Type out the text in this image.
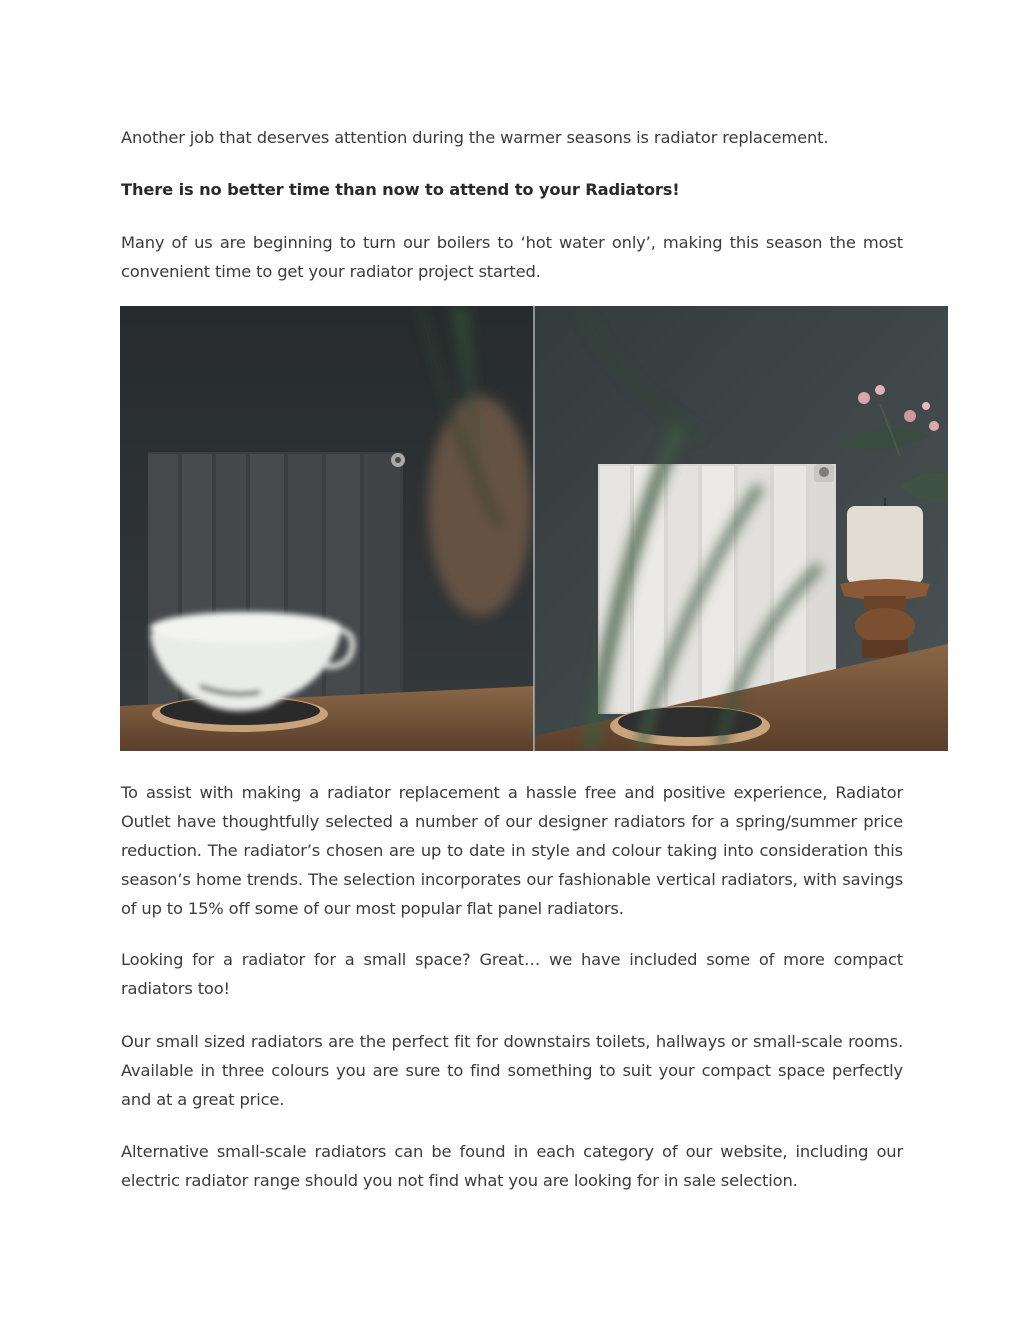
Another job that deserves attention during the warmer seasons is radiator replacement.

There is no better time than now to attend to your Radiators!

Many of us are beginning to turn our boilers to ‘hot water only’, making this season the most convenient time to get your radiator project started.

To assist with making a radiator replacement a hassle free and positive experience, Radiator Outlet have thoughtfully selected a number of our designer radiators for a spring/summer price reduction. The radiator’s chosen are up to date in style and colour taking into consideration this season’s home trends. The selection incorporates our fashionable vertical radiators, with savings of up to 15% off some of our most popular flat panel radiators.

Looking for a radiator for a small space? Great… we have included some of more compact radiators too!

Our small sized radiators are the perfect fit for downstairs toilets, hallways or small-scale rooms. Available in three colours you are sure to find something to suit your compact space perfectly and at a great price.

Alternative small-scale radiators can be found in each category of our website, including our electric radiator range should you not find what you are looking for in sale selection.
